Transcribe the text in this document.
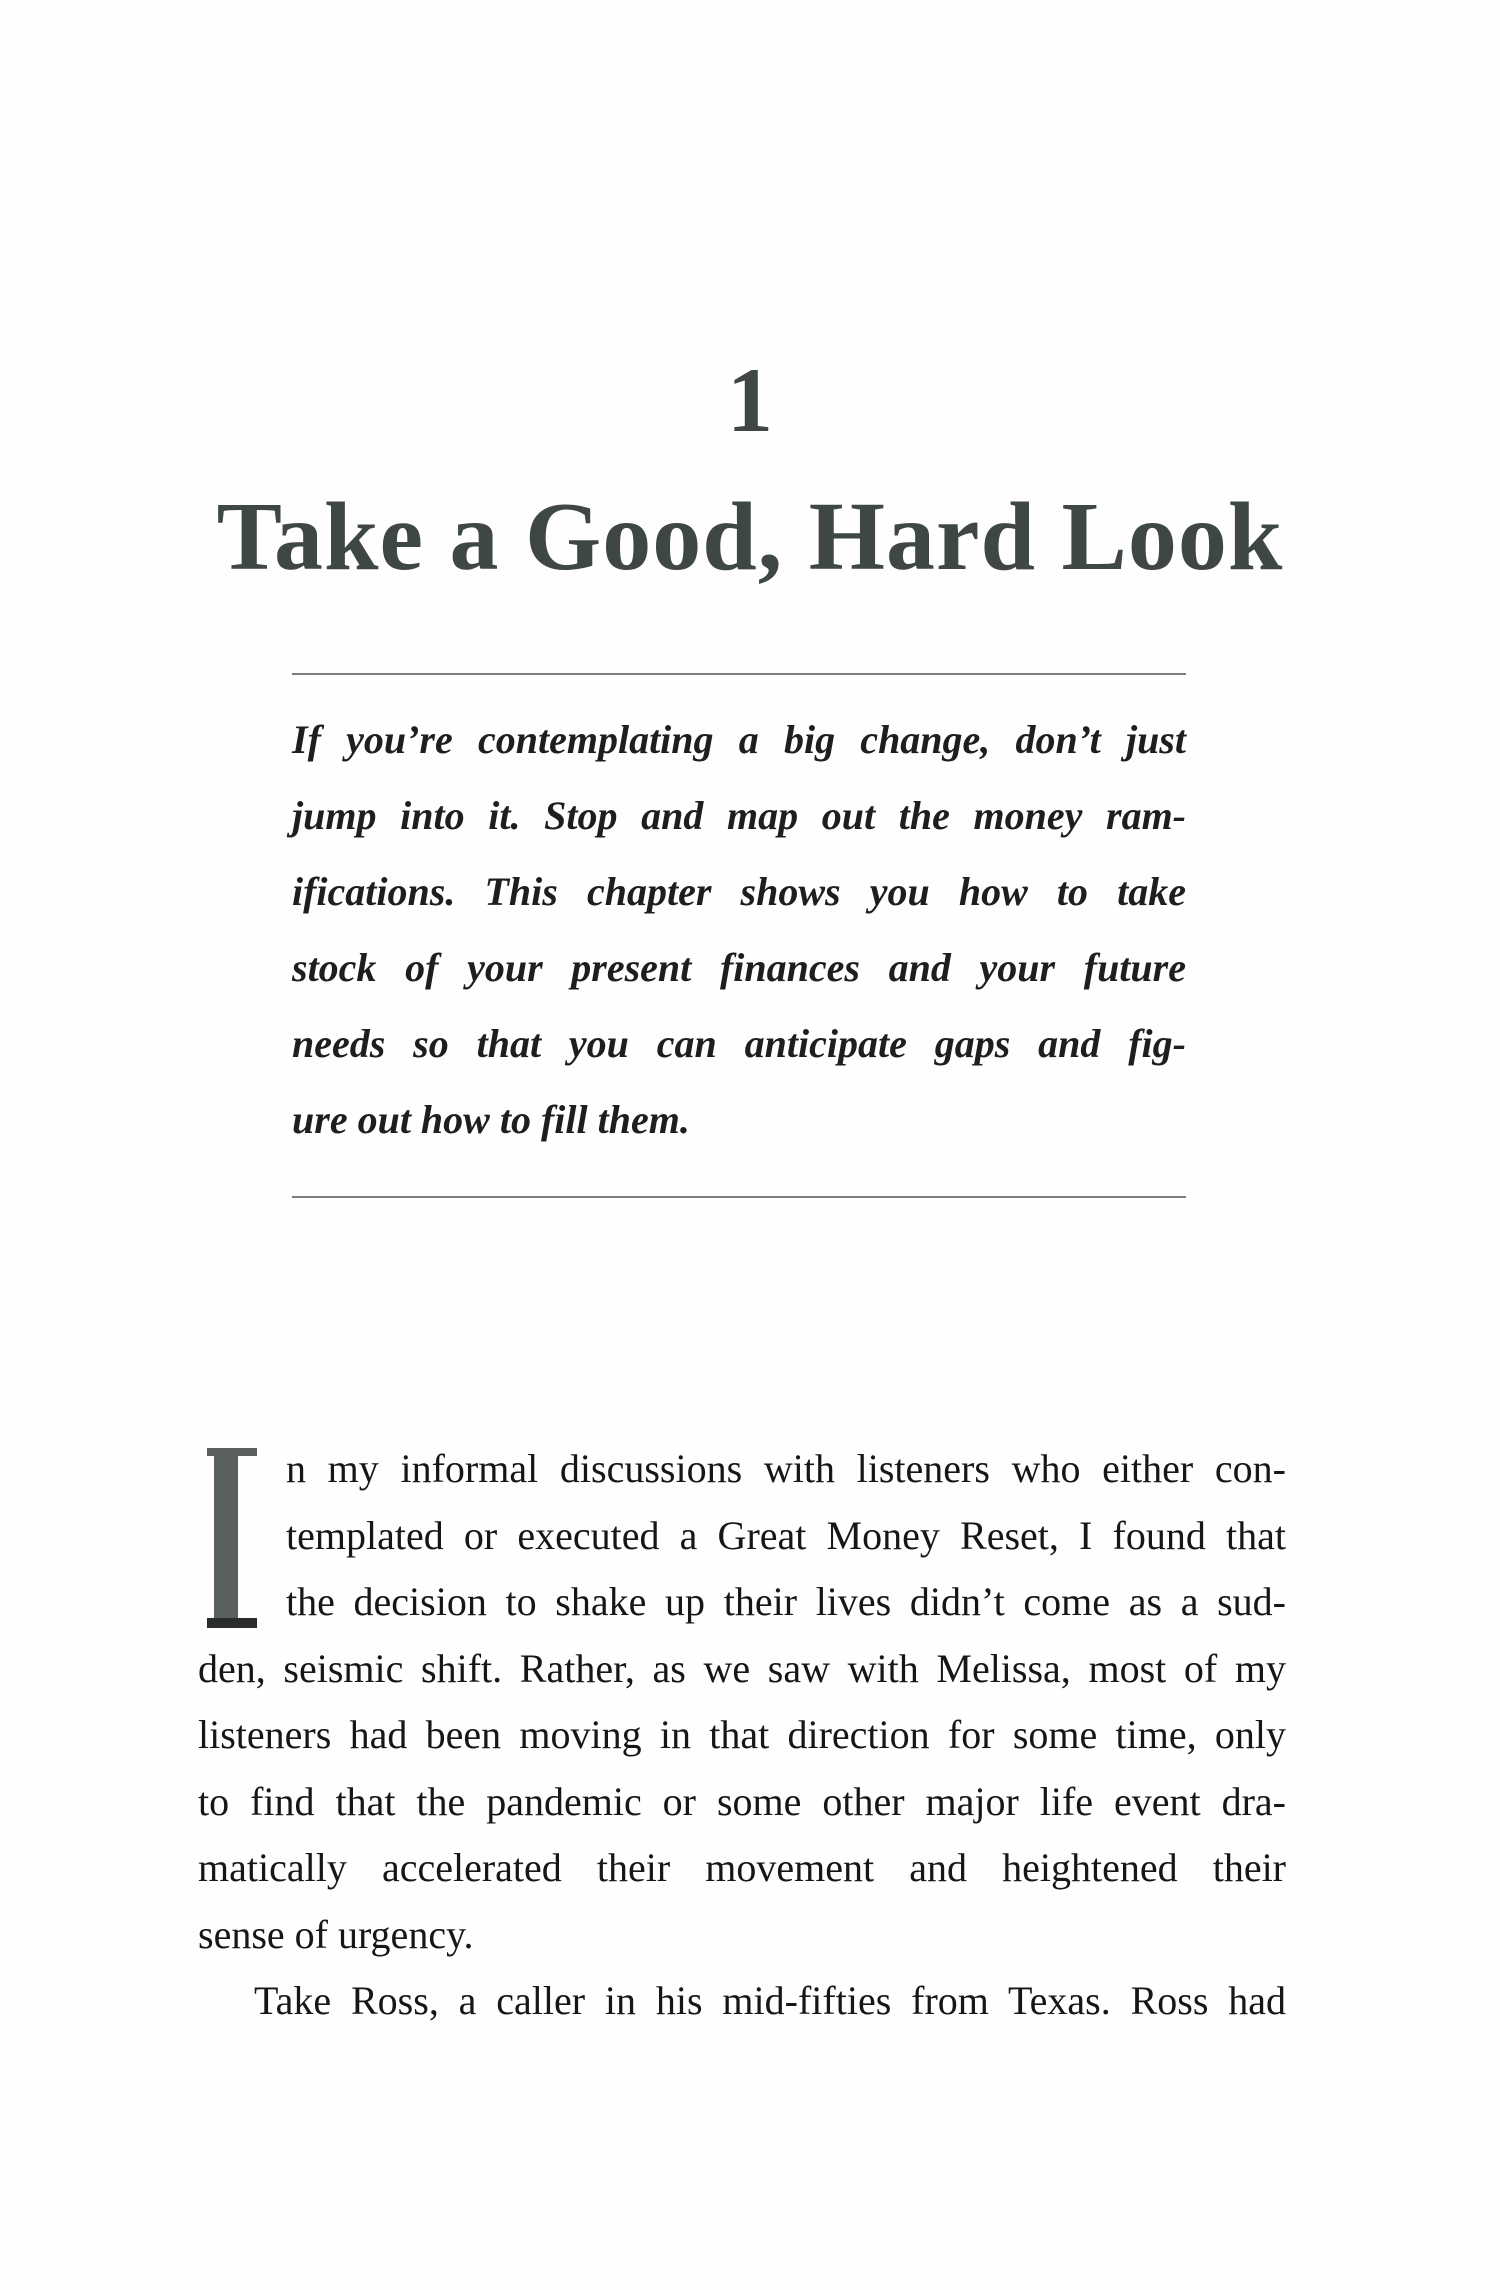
1
Take a Good, Hard Look
If you’re contemplating a big change, don’t just
jump into it. Stop and map out the money ram-
ifications. This chapter shows you how to take
stock of your present finances and your future
needs so that you can anticipate gaps and fig-
ure out how to fill them.
n my informal discussions with listeners who either con-
templated or executed a Great Money Reset, I found that
the decision to shake up their lives didn’t come as a sud-
den, seismic shift. Rather, as we saw with Melissa, most of my
listeners had been moving in that direction for some time, only
to find that the pandemic or some other major life event dra-
matically accelerated their movement and heightened their
sense of urgency.
Take Ross, a caller in his mid-fifties from Texas. Ross had
